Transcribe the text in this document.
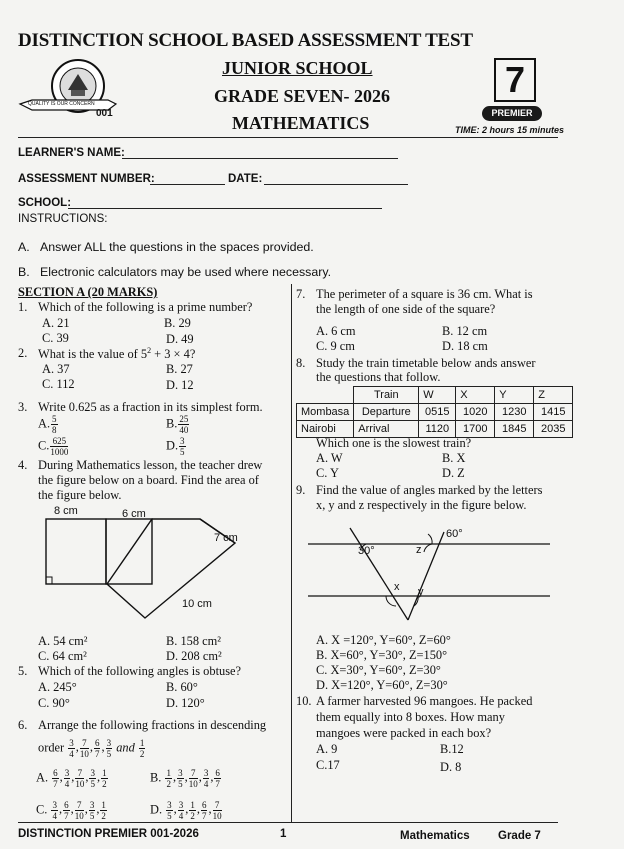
DISTINCTION SCHOOL BASED ASSESSMENT TEST
JUNIOR SCHOOL
GRADE SEVEN- 2026
MATHEMATICS
QUALITY IS OUR CONCERN
001
7
PREMIER
TIME: 2 hours 15 minutes
LEARNER'S NAME:
ASSESSMENT NUMBER:	DATE:
SCHOOL:
INSTRUCTIONS:
A. Answer ALL the questions in the spaces provided.
B. Electronic calculators may be used where necessary.
SECTION A (20 MARKS)
1. Which of the following is a prime number?
A. 21	B. 29
C. 39	D. 49
2. What is the value of $5^2 + 3 \times 4$?
A. 37	B. 27
C. 112	D. 12
3. Write 0.625 as a fraction in its simplest form.
A. $\frac{5}{8}$	B. $\frac{25}{40}$
C. $\frac{625}{1000}$	D. $\frac{3}{5}$
4. During Mathematics lesson, the teacher drew
the figure below on a board. Find the area of
the figure below.
8 cm	6 cm
7 cm
10 cm
A. 54 cm²	B. 158 cm²
C. 64 cm²	D. 208 cm²
5. Which of the following angles is obtuse?
A. 245°	B. 60°
C. 90°	D. 120°
6. Arrange the following fractions in descending
order $\frac{3}{4}$ , $\frac{7}{10}$ , $\frac{6}{7}$ , $\frac{3}{5}$ and $\frac{1}{2}$
A. $\frac{6}{7}$ , $\frac{3}{4}$ , $\frac{7}{10}$ , $\frac{3}{5}$ , $\frac{1}{2}$	B. $\frac{1}{2}$ , $\frac{3}{5}$ , $\frac{7}{10}$ , $\frac{3}{4}$ , $\frac{6}{7}$
C. $\frac{3}{4}$ , $\frac{6}{7}$ , $\frac{7}{10}$ , $\frac{3}{5}$ , $\frac{1}{2}$	D. $\frac{3}{5}$ , $\frac{3}{4}$ , $\frac{1}{2}$ , $\frac{6}{7}$ , $\frac{7}{10}$
7. The perimeter of a square is 36 cm. What is
the length of one side of the square?
A. 6 cm	B. 12 cm
C. 9 cm	D. 18 cm
8. Study the train timetable below ands answer
the questions that follow.
	Train	W	X	Y	Z
Mombasa	Departure	0515	1020	1230	1415
Nairobi	Arrival	1120	1700	1845	2035
Which one is the slowest train?
A. W	B. X
C. Y	D. Z
9. Find the value of angles marked by the letters
x, y and z respectively in the figure below.
60°
30°	z
x y
A. X =120°, Y=60°, Z=60°
B. X=60°, Y=30°, Z=150°
C. X=30°, Y=60°, Z=30°
D. X=120°, Y=60°, Z=30°
10. A farmer harvested 96 mangoes. He packed
them equally into 8 boxes. How many
mangoes were packed in each box?
A. 9	B.12
C.17	D. 8
DISTINCTION PREMIER 001-2026	1	Mathematics Grade 7
